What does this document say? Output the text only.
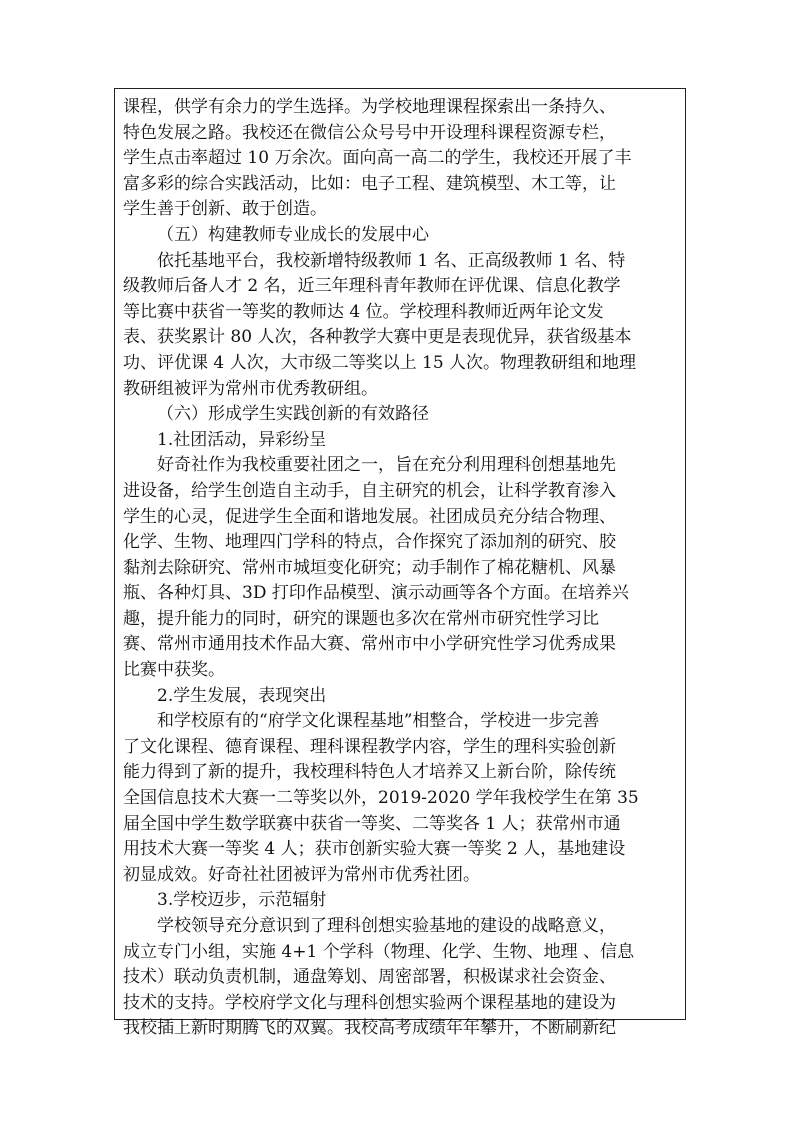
课程，供学有余力的学生选择。为学校地理课程探索出一条持久、
特色发展之路。我校还在微信公众号号中开设理科课程资源专栏，
学生点击率超过 10 万余次。面向高一高二的学生，我校还开展了丰
富多彩的综合实践活动，比如：电子工程、建筑模型、木工等，让
学生善于创新、敢于创造。
（五）构建教师专业成长的发展中心
依托基地平台，我校新增特级教师 1 名、正高级教师 1 名、特
级教师后备人才 2 名，近三年理科青年教师在评优课、信息化教学
等比赛中获省一等奖的教师达 4 位。学校理科教师近两年论文发
表、获奖累计 80 人次，各种教学大赛中更是表现优异，获省级基本
功、评优课 4 人次，大市级二等奖以上 15 人次。物理教研组和地理
教研组被评为常州市优秀教研组。
（六）形成学生实践创新的有效路径
1.社团活动，异彩纷呈
好奇社作为我校重要社团之一，旨在充分利用理科创想基地先
进设备，给学生创造自主动手，自主研究的机会，让科学教育渗入
学生的心灵，促进学生全面和谐地发展。社团成员充分结合物理、
化学、生物、地理四门学科的特点，合作探究了添加剂的研究、胶
黏剂去除研究、常州市城垣变化研究；动手制作了棉花糖机、风暴
瓶、各种灯具、3D 打印作品模型、演示动画等各个方面。在培养兴
趣，提升能力的同时，研究的课题也多次在常州市研究性学习比
赛、常州市通用技术作品大赛、常州市中小学研究性学习优秀成果
比赛中获奖。
2.学生发展，表现突出
和学校原有的“府学文化课程基地”相整合，学校进一步完善
了文化课程、德育课程、理科课程教学内容，学生的理科实验创新
能力得到了新的提升，我校理科特色人才培养又上新台阶，除传统
全国信息技术大赛一二等奖以外，2019-2020 学年我校学生在第 35
届全国中学生数学联赛中获省一等奖、二等奖各 1 人；获常州市通
用技术大赛一等奖 4 人；获市创新实验大赛一等奖 2 人，基地建设
初显成效。好奇社社团被评为常州市优秀社团。
3.学校迈步，示范辐射
学校领导充分意识到了理科创想实验基地的建设的战略意义，
成立专门小组，实施 4+1 个学科（物理、化学、生物、地理 、信息
技术）联动负责机制，通盘筹划、周密部署，积极谋求社会资金、
技术的支持。学校府学文化与理科创想实验两个课程基地的建设为
我校插上新时期腾飞的双翼。我校高考成绩年年攀升，不断刷新纪
